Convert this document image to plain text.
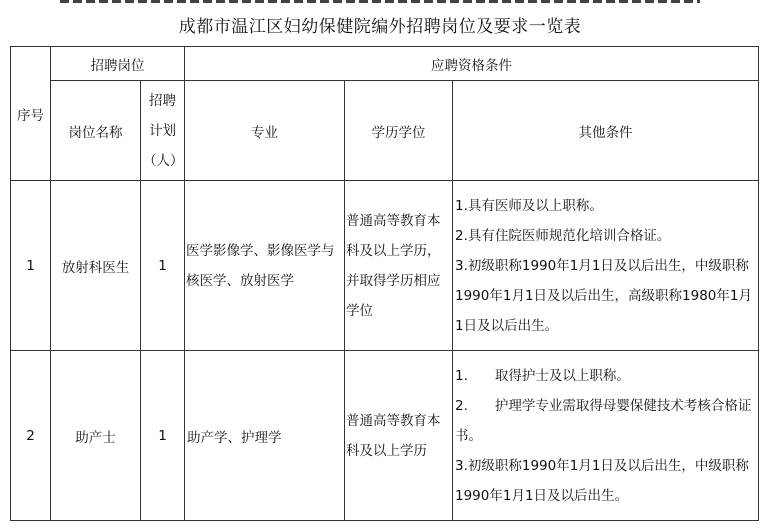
成都市温江区妇幼保健院编外招聘岗位及要求一览表
序号	招聘岗位		应聘资格条件		
	岗位名称	招聘计划（人）	专业	学历学位	其他条件
1	放射科医生	1	医学影像学、影像医学与核医学、放射医学	普通高等教育本科及以上学历，并取得学历相应学位	1.具有医师及以上职称。
2.具有住院医师规范化培训合格证。
3.初级职称1990年1月1日及以后出生，中级职称1990年1月1日及以后出生，高级职称1980年1月1日及以后出生。

2	助产士	1	助产学、护理学	普通高等教育本科及以上学历	1.　　取得护士及以上职称。
2.　　护理学专业需取得母婴保健技术考核合格证书。
3.初级职称1990年1月1日及以后出生，中级职称1990年1月1日及以后出生。
